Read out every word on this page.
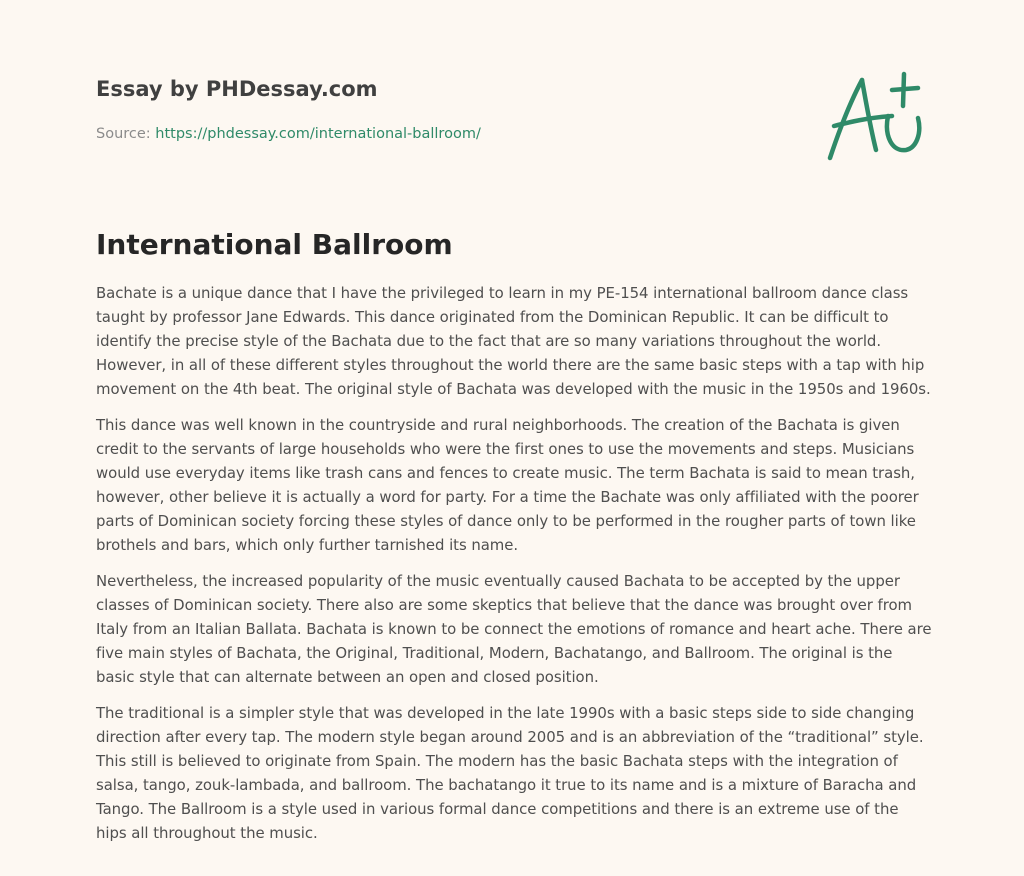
Essay by PHDessay.com
Source: https://phdessay.com/international-ballroom/
International Ballroom

Bachate is a unique dance that I have the privileged to learn in my PE-154 international ballroom dance class taught by professor Jane Edwards. This dance originated from the Dominican Republic. It can be difficult to identify the precise style of the Bachata due to the fact that are so many variations throughout the world. However, in all of these different styles throughout the world there are the same basic steps with a tap with hip movement on the 4th beat. The original style of Bachata was developed with the music in the 1950s and 1960s.

This dance was well known in the countryside and rural neighborhoods. The creation of the Bachata is given credit to the servants of large households who were the first ones to use the movements and steps. Musicians would use everyday items like trash cans and fences to create music. The term Bachata is said to mean trash, however, other believe it is actually a word for party. For a time the Bachate was only affiliated with the poorer parts of Dominican society forcing these styles of dance only to be performed in the rougher parts of town like brothels and bars, which only further tarnished its name.

Nevertheless, the increased popularity of the music eventually caused Bachata to be accepted by the upper classes of Dominican society. There also are some skeptics that believe that the dance was brought over from Italy from an Italian Ballata. Bachata is known to be connect the emotions of romance and heart ache. There are five main styles of Bachata, the Original, Traditional, Modern, Bachatango, and Ballroom. The original is the basic style that can alternate between an open and closed position.

The traditional is a simpler style that was developed in the late 1990s with a basic steps side to side changing direction after every tap. The modern style began around 2005 and is an abbreviation of the “traditional” style. This still is believed to originate from Spain. The modern has the basic Bachata steps with the integration of salsa, tango, zouk-lambada, and ballroom. The bachatango it true to its name and is a mixture of Baracha and Tango. The Ballroom is a style used in various formal dance competitions and there is an extreme use of the hips all throughout the music.
